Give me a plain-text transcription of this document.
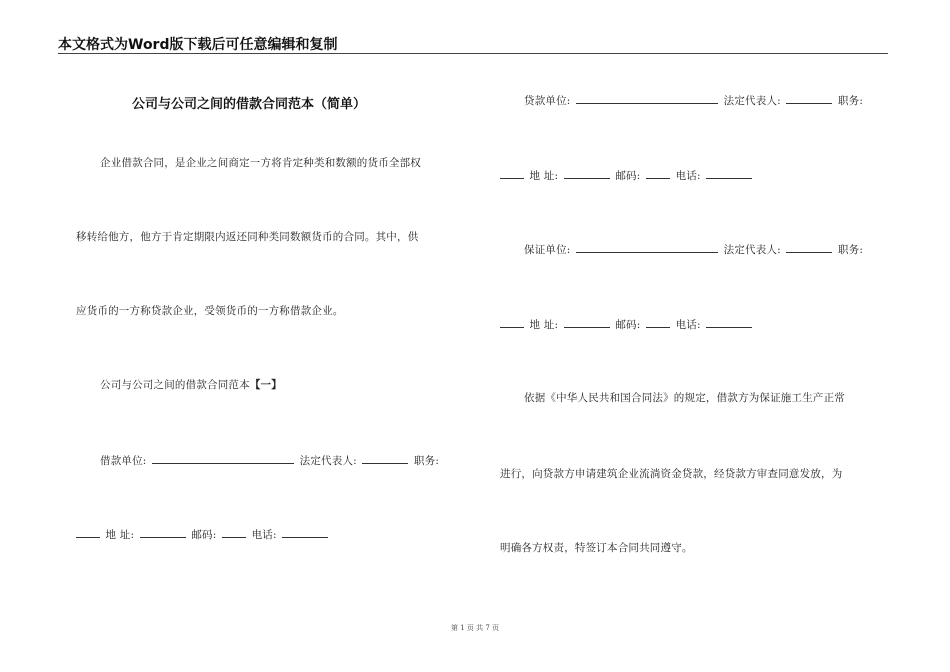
本文格式为Word版下载后可任意编辑和复制
公司与公司之间的借款合同范本（简单）
企业借款合同，是企业之间商定一方将肯定种类和数额的货币全部权
移转给他方，他方于肯定期限内返还同种类同数额货币的合同。其中，供
应货币的一方称贷款企业，受领货币的一方称借款企业。
公司与公司之间的借款合同范本【一】
借款单位:	法定代表人:	职务:
地 址:	邮码:	电话:
贷款单位:	法定代表人:	职务:
地 址:	邮码:	电话:
保证单位:	法定代表人:	职务:
地 址:	邮码:	电话:
依据《中华人民共和国合同法》的规定，借款方为保证施工生产正常
进行，向贷款方申请建筑企业流淌资金贷款，经贷款方审查同意发放，为
明确各方权责，特签订本合同共同遵守。
第 1 页 共 7 页
